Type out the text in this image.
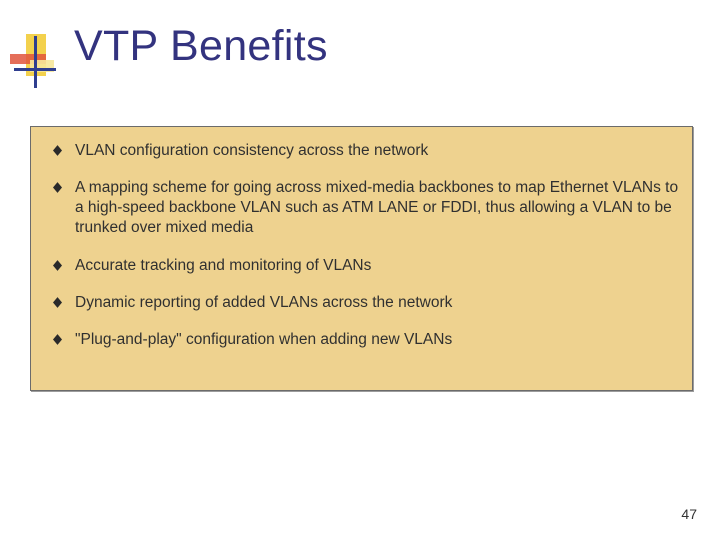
VTP Benefits
VLAN configuration consistency across the network
A mapping scheme for going across mixed-media backbones to map Ethernet VLANs to a high-speed backbone VLAN such as ATM LANE or FDDI, thus allowing a VLAN to be trunked over mixed media
Accurate tracking and monitoring of VLANs
Dynamic reporting of added VLANs across the network
"Plug-and-play" configuration when adding new VLANs
47
